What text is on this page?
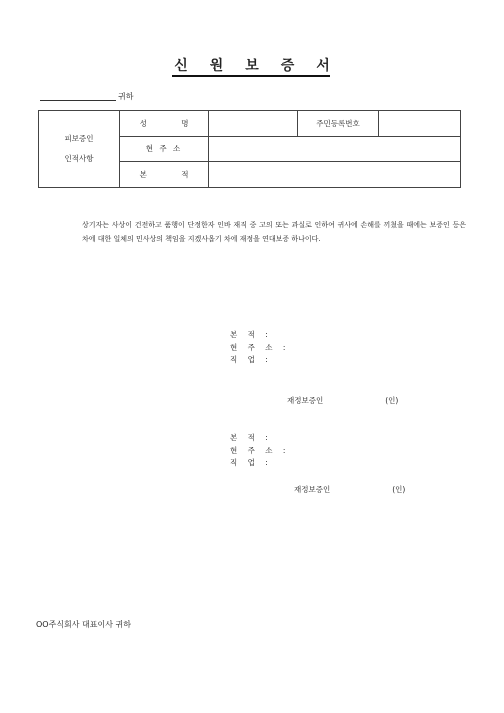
신원보증서
귀하
피보증인
인적사항	성 명		주민등록번호	
	현 주 소			
	본 적			
상기자는 사상이 건전하고 품행이 단정한자 인바 재직 중 고의 또는 과실로 인하여 귀사에 손해를 끼쳤을 때에는 보증인 등은 차에 대한 일체의 민사상의 책임을 지겠사옵기 차에 재정을 연대보증 하나이다.
본 적 :
현 주 소 :
직 업 :
재정보증인	(인)
본 적 :
현 주 소 :
직 업 :
재정보증인	(인)
OO주식회사 대표이사 귀하
